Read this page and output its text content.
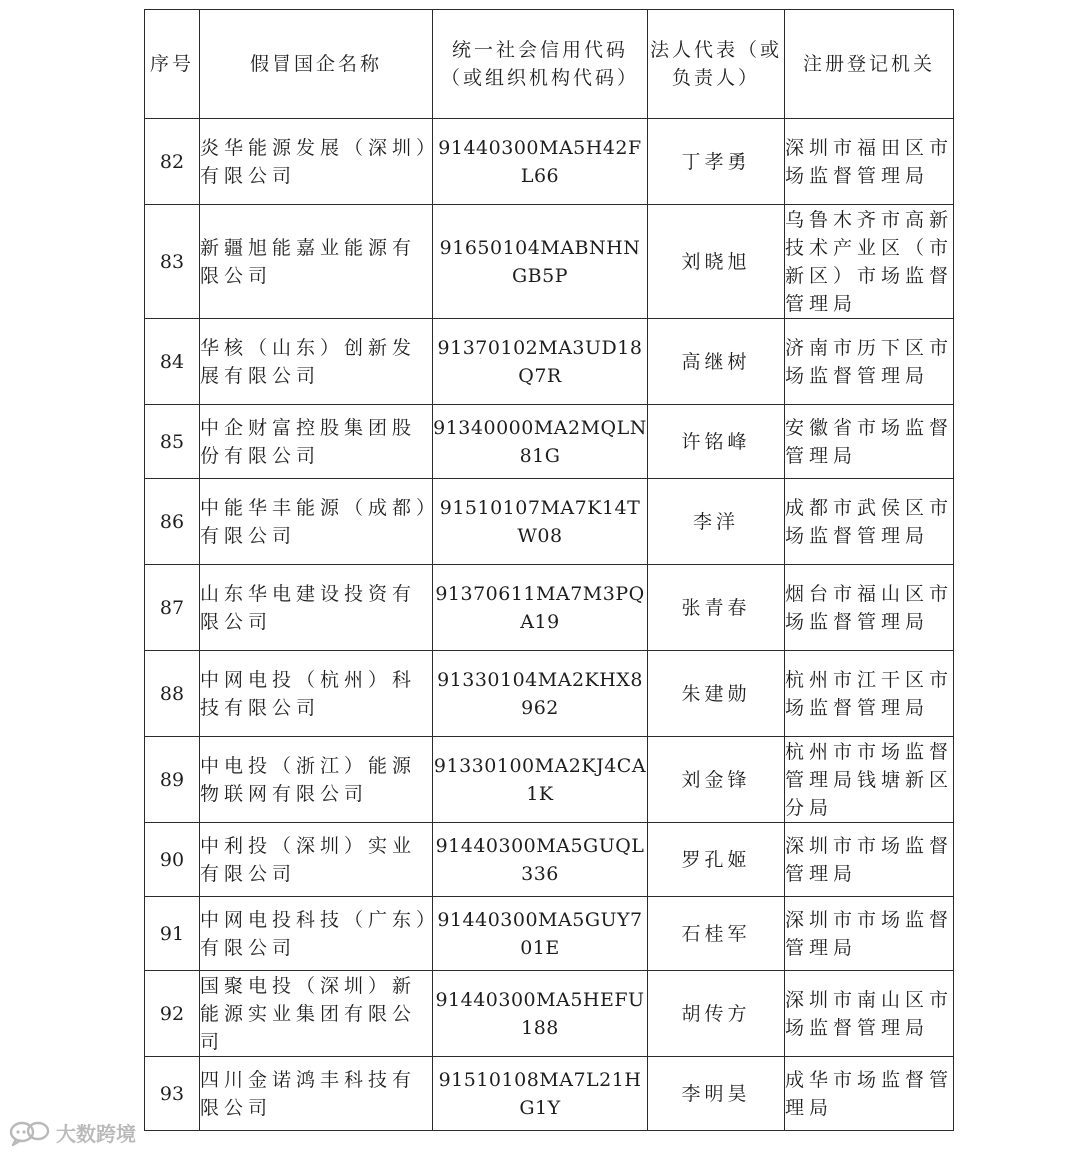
序号	假冒国企名称	统一社会信用代码（或组织机构代码）	法人代表（或负责人）	注册登记机关
82	炎华能源发展（深圳）有限公司	91440300MA5H42FL66	丁孝勇	深圳市福田区市场监督管理局
83	新疆旭能嘉业能源有限公司	91650104MABNHNGB5P	刘晓旭	乌鲁木齐市高新技术产业区（市新区）市场监督管理局
84	华核（山东）创新发展有限公司	91370102MA3UD18Q7R	高继树	济南市历下区市场监督管理局
85	中企财富控股集团股份有限公司	91340000MA2MQLN81G	许铭峰	安徽省市场监督管理局
86	中能华丰能源（成都）有限公司	91510107MA7K14TW08	李洋	成都市武侯区市场监督管理局
87	山东华电建设投资有限公司	91370611MA7M3PQA19	张青春	烟台市福山区市场监督管理局
88	中网电投（杭州）科技有限公司	91330104MA2KHX8962	朱建勋	杭州市江干区市场监督管理局
89	中电投（浙江）能源物联网有限公司	91330100MA2KJ4CA1K	刘金锋	杭州市市场监督管理局钱塘新区分局
90	中利投（深圳）实业有限公司	91440300MA5GUQL336	罗孔姬	深圳市市场监督管理局
91	中网电投科技（广东）有限公司	91440300MA5GUY701E	石桂军	深圳市市场监督管理局
92	国聚电投（深圳）新能源实业集团有限公司	91440300MA5HEFU188	胡传方	深圳市南山区市场监督管理局
93	四川金诺鸿丰科技有限公司	91510108MA7L21HG1Y	李明昊	成华市场监督管理局
大数跨境
